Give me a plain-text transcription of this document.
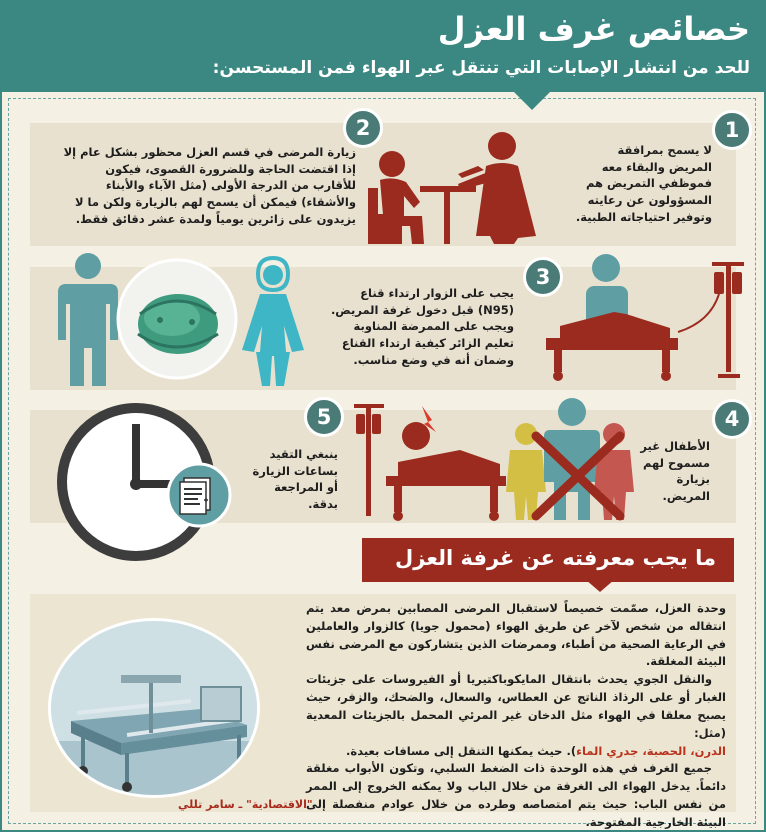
خصائص غرف العزل
للحد من انتشار الإصابات التي تنتقل عبر الهواء فمن المستحسن:
1
لا يسمح بمرافقة
المريض والبقاء معه
فموظفي التمريض هم
المسؤولون عن رعايته
وتوفير احتياجاته الطبية.
2
زيارة المرضى في قسم العزل محظور بشكل عام إلا
إذا اقتضت الحاجة وللضرورة القصوى، فيكون
للأقارب من الدرجة الأولى (مثل الآباء والأبناء
والأشقاء) فيمكن أن يسمح لهم بالزيارة ولكن ما لا
يزيدون على زائرين يومياً ولمدة عشر دقائق فقط.
3
يجب على الزوار ارتداء قناع
(N95) قبل دخول غرفة المريض.
ويجب على الممرضة المناوبة
تعليم الزائر كيفية ارتداء القناع
وضمان أنه في وضع مناسب.
4
الأطفال غير
مسموح لهم
بزيارة
المريض.
5
ينبغي التقيد
بساعات الزيارة
أو المراجعة
بدقة.
ما يجب معرفته عن غرفة العزل

وحدة العزل، صمّمت خصيصاً لاستقبال المرضى المصابين بمرض معد يتم انتقاله من شخص لآخر عن طريق الهواء (محمول جويا) كالزوار والعاملين في الرعاية الصحية من أطباء، وممرضات الذين يتشاركون مع المرضى نفس البيئة المغلقة.

والنقل الجوي يحدث بانتقال المايكوباكتيريا أو الفيروسات على جزيئات الغبار أو على الرذاذ الناتج عن العطاس، والسعال، والضحك، والزفر، حيث يصبح معلقا في الهواء مثل الدخان غير المرئي المحمل بالجزيئات المعدية (مثل:
الدرن، الحصبة، جدري الماء). حيث يمكنها التنقل إلى مسافات بعيدة.

جميع الغرف في هذه الوحدة ذات الضغط السلبي، وتكون الأبواب مغلقة دائماً. يدخل الهواء الى الغرفة من خلال الباب ولا يمكنه الخروج إلى الممر من نفس الباب: حيث يتم امتصاصه وطرده من خلال عوادم منفصلة إلى البيئة الخارجية المفتوحة.

"الاقتصادية" ـ سامر تللي
